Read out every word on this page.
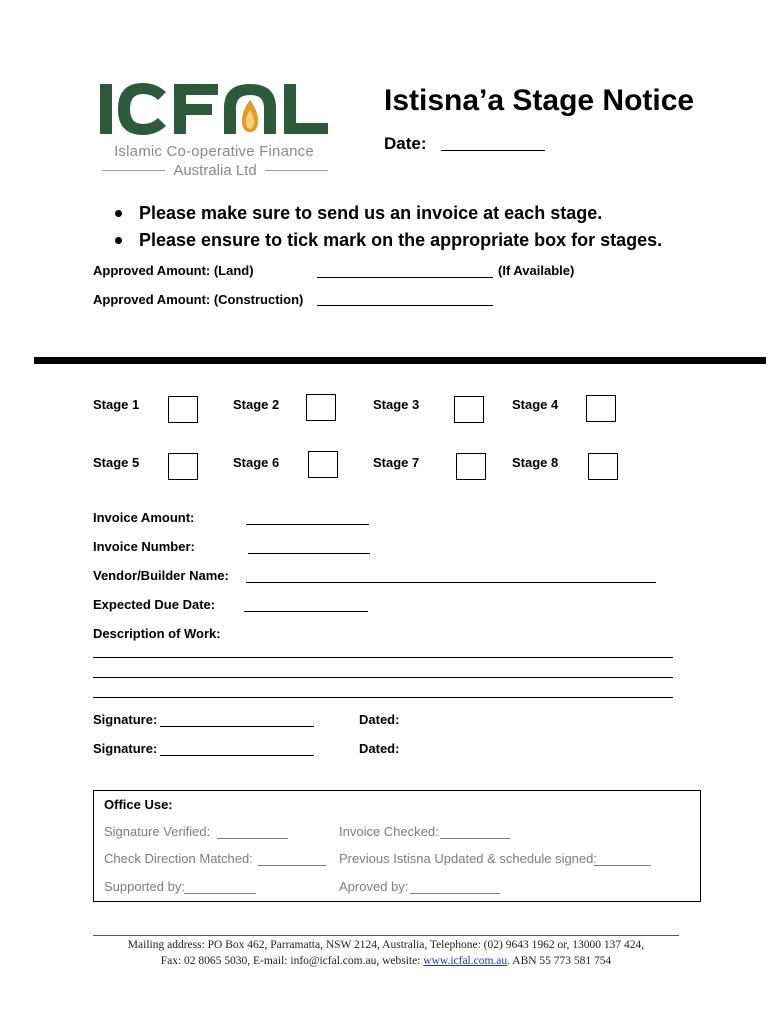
Islamic Co-operative Finance
Australia Ltd
Istisna’a Stage Notice
Date:
Please make sure to send us an invoice at each stage.
Please ensure to tick mark on the appropriate box for stages.
Approved Amount: (Land)	(If Available)
Approved Amount: (Construction)
Stage 1	Stage 2	Stage 3	Stage 4
Stage 5	Stage 6	Stage 7	Stage 8
Invoice Amount:
Invoice Number:
Vendor/Builder Name:
Expected Due Date:
Description of Work:
Signature:	Dated:
Signature:	Dated:
Office Use:
Signature Verified:	Invoice Checked:
Check Direction Matched:	Previous Istisna Updated & schedule signed:
Supported by:	Aproved by:
Mailing address: PO Box 462, Parramatta, NSW 2124, Australia, Telephone: (02) 9643 1962 or, 13000 137 424,
Fax: 02 8065 5030, E-mail: info@icfal.com.au, website: www.icfal.com.au. ABN 55 773 581 754
